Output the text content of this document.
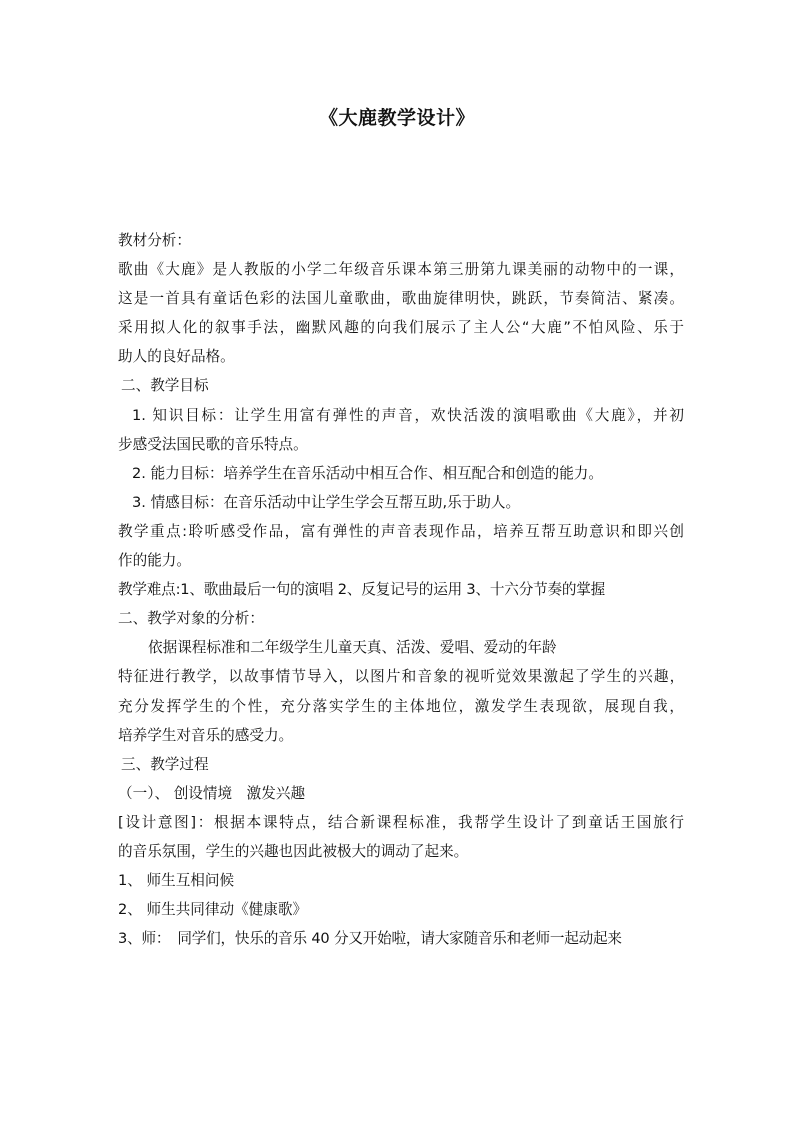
《大鹿教学设计》
教材分析：
歌曲《大鹿》是人教版的小学二年级音乐课本第三册第九课美丽的动物中的一课，
这是一首具有童话色彩的法国儿童歌曲，歌曲旋律明快，跳跃，节奏简洁、紧凑。
采用拟人化的叙事手法，幽默风趣的向我们展示了主人公“大鹿”不怕风险、乐于
助人的良好品格。
二、教学目标
1. 知识目标：让学生用富有弹性的声音，欢快活泼的演唱歌曲《大鹿》，并初
步感受法国民歌的音乐特点。
2. 能力目标：培养学生在音乐活动中相互合作、相互配合和创造的能力。
3. 情感目标：在音乐活动中让学生学会互帮互助,乐于助人。
教学重点:聆听感受作品，富有弹性的声音表现作品，培养互帮互助意识和即兴创
作的能力。
教学难点:1、歌曲最后一句的演唱 2、反复记号的运用 3、十六分节奏的掌握
二、教学对象的分析：
依据课程标准和二年级学生儿童天真、活泼、爱唱、爱动的年龄
特征进行教学，以故事情节导入，以图片和音象的视听觉效果激起了学生的兴趣，
充分发挥学生的个性，充分落实学生的主体地位，激发学生表现欲，展现自我，
培养学生对音乐的感受力。
三、教学过程
（一）、 创设情境　激发兴趣
[设计意图]：根据本课特点，结合新课程标准，我帮学生设计了到童话王国旅行
的音乐氛围，学生的兴趣也因此被极大的调动了起来。
1、 师生互相问候
2、 师生共同律动《健康歌》
3、师：　同学们，快乐的音乐 40 分又开始啦，请大家随音乐和老师一起动起来
